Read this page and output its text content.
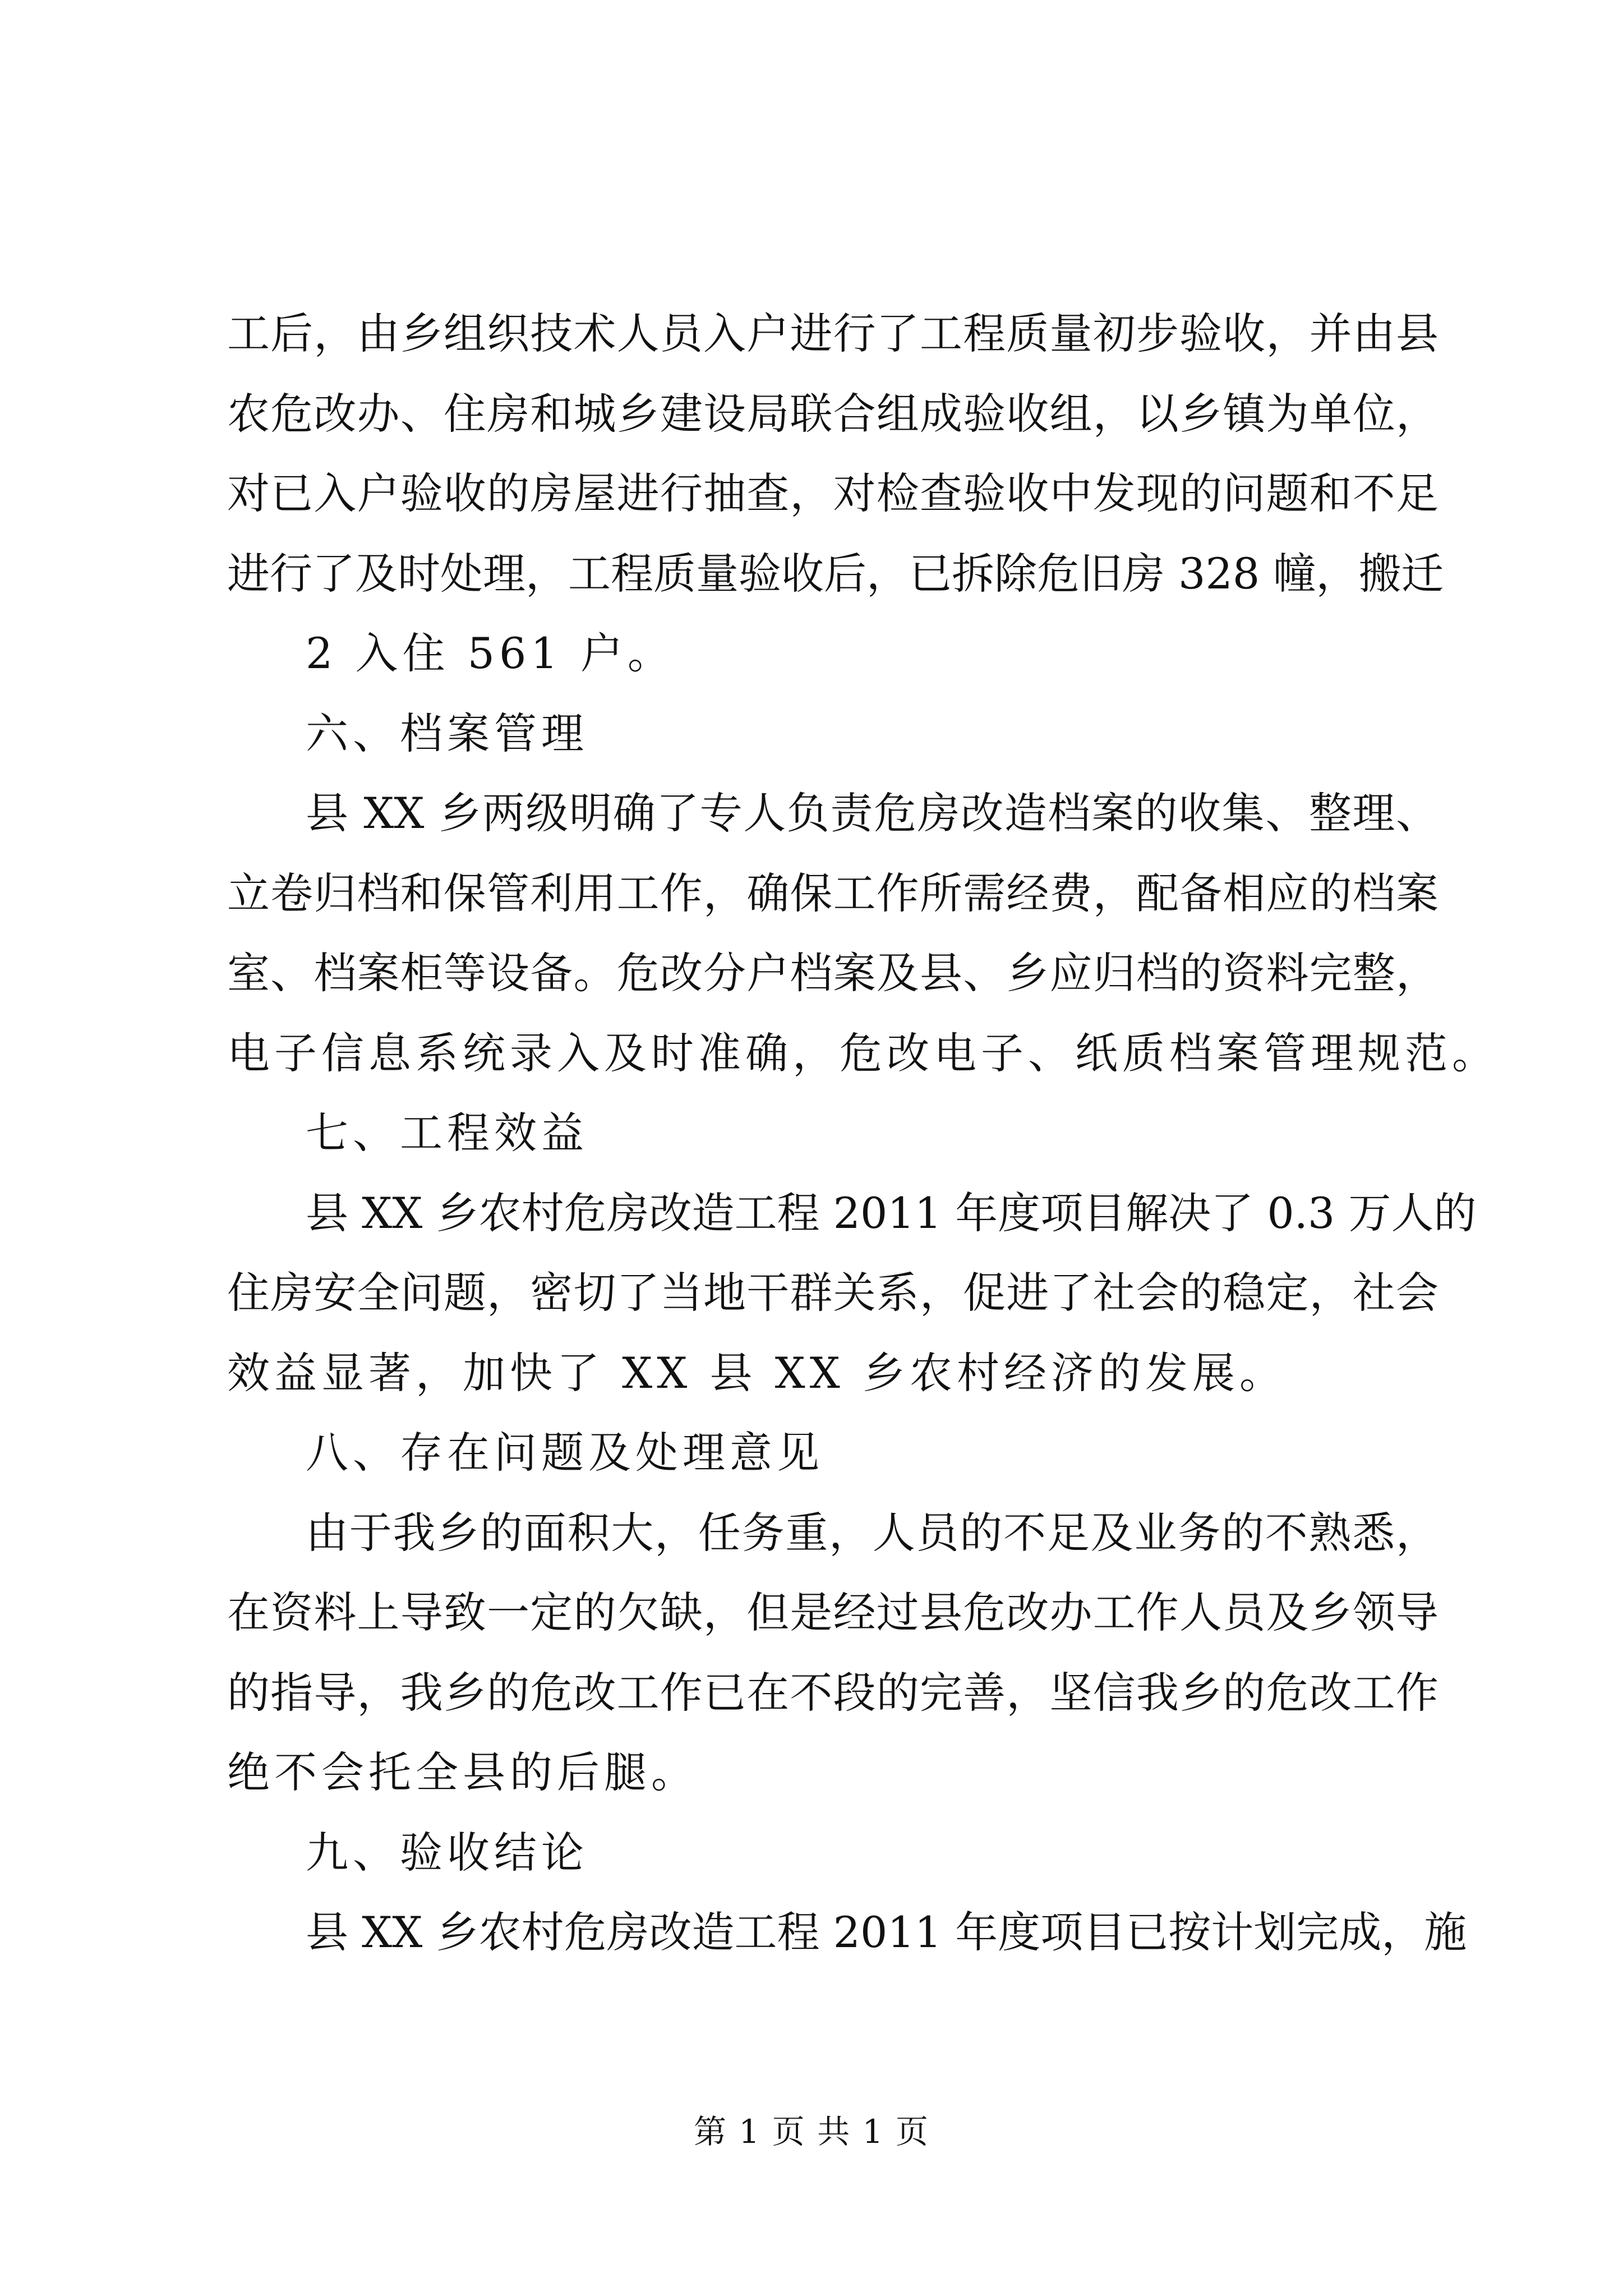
工后，由乡组织技术人员入户进行了工程质量初步验收，并由县
农危改办、住房和城乡建设局联合组成验收组，以乡镇为单位，
对已入户验收的房屋进行抽查，对检查验收中发现的问题和不足
进行了及时处理，工程质量验收后，已拆除危旧房 328 幢，搬迁
2 入住 561 户。
六、档案管理
县 XX 乡两级明确了专人负责危房改造档案的收集、整理、
立卷归档和保管利用工作，确保工作所需经费，配备相应的档案
室、档案柜等设备。危改分户档案及县、乡应归档的资料完整，
电子信息系统录入及时准确，危改电子、纸质档案管理规范。
七、工程效益
县 XX 乡农村危房改造工程 2011 年度项目解决了 0.3 万人的
住房安全问题，密切了当地干群关系，促进了社会的稳定，社会
效益显著，加快了 XX 县 XX 乡农村经济的发展。
八、存在问题及处理意见
由于我乡的面积大，任务重，人员的不足及业务的不熟悉，
在资料上导致一定的欠缺，但是经过县危改办工作人员及乡领导
的指导，我乡的危改工作已在不段的完善，坚信我乡的危改工作
绝不会托全县的后腿。
九、验收结论
县 XX 乡农村危房改造工程 2011 年度项目已按计划完成，施
第 1 页 共 1 页
